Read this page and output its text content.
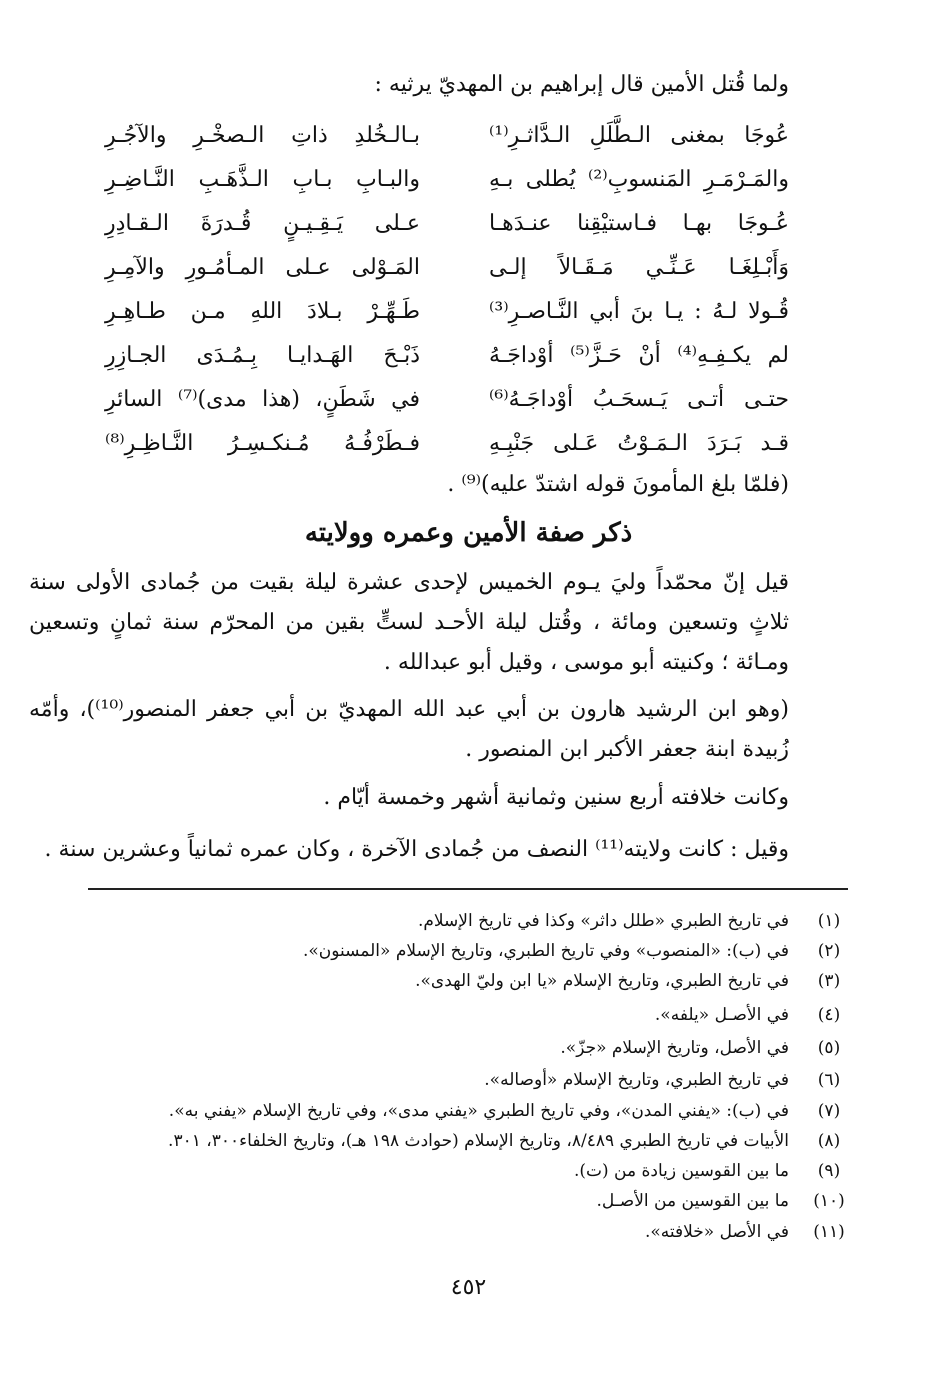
ولما قُتل الأمين قال إبراهيم بن المهديّ يرثيه :
عُوجَا بمغنى الـطَّلَلِ الـدَّاثـرِ⁽¹⁾
بـالـخُلدِ ذاتِ الـصخْـرِ والآجُـرِ
والمَـرْمَـرِ المَنسوبِ⁽²⁾ يُطلى بـهِ
والبـابِ بـابِ الـذَّهَـبِ النَّـاضِـرِ
عُـوجَا بهـا فـاستيْقِنا عنـدَهـا
عـلى يَـقِـيـنٍ قُـدرَةَ الـقـادِرِ
وَأَبْـلِغَـا عَـنِّـي مَـقَـالاً إلـى
المَـوْلى عـلى المـأمُـورِ والآمِـرِ
قُـولا لـهُ : يـا بنَ أبي النَّـاصـرِ⁽³⁾
طَـهِّـرْ بـلادَ اللهِ مـن طـاهِـرِ
لم يكـفِـهِ⁽⁴⁾ أنْ حَـزَّ⁽⁵⁾ أوْداجَـهُ
ذَبْـحَ الهَـدايـا بِـمُـدَى الجـازِرِ
حتـى أتـى يَـسحَـبُ أوْداجَـهُ⁽⁶⁾
في شَطَنٍ، (هذا مدى)⁽⁷⁾ السائرِ
قـد بَـرَدَ الـمَـوْتُ عَـلى جَنْبِـهِ
فـطَرْفُـهُ مُـنكـسِـرُ النَّـاظِـرِ⁽⁸⁾
(فلمّا بلغ المأمونَ قوله اشتدّ عليه)⁽⁹⁾ .
ذكر صفة الأمين وعمره وولايته
قيل إنّ محمّداً وليَ يـوم الخميس لإحدى عشرة ليلة بقيت من جُمادى الأولى سنة ثلاثٍ وتسعين ومائة ، وقُتل ليلة الأحـد لستٍّ بقين من المحرّم سنة ثمانٍ وتسعين ومـائة ؛ وكنيته أبو موسى ، وقيل أبو عبدالله .
(وهو ابن الرشيد هارون بن أبي عبد الله المهديّ بن أبي جعفر المنصور⁽¹⁰⁾)، وأمّه زُبيدة ابنة جعفر الأكبر ابن المنصور .
وكانت خلافته أربع سنين وثمانية أشهر وخمسة أيّام .
وقيل : كانت ولايته⁽¹¹⁾ النصف من جُمادى الآخرة ، وكان عمره ثمانياً وعشرين سنة .
(١)
في تاريخ الطبري «طلل داثر» وكذا في تاريخ الإسلام.
(٢)
في (ب): «المنصوب» وفي تاريخ الطبري، وتاريخ الإسلام «المسنون».
(٣)
في تاريخ الطبري، وتاريخ الإسلام «يا ابن وليّ الهدى».
(٤)
في الأصـل «يلفه».
(٥)
في الأصل، وتاريخ الإسلام «جزّ».
(٦)
في تاريخ الطبري، وتاريخ الإسلام «أوصاله».
(٧)
في (ب): «يفني المدن»، وفي تاريخ الطبري «يفني مدى»، وفي تاريخ الإسلام «يفني به».
(٨)
الأبيات في تاريخ الطبري ٨/٤٨٩، وتاريخ الإسلام (حوادث ١٩٨ هـ)، وتاريخ الخلفاء٣٠٠، ٣٠١.
(٩)
ما بين القوسين زيادة من (ت).
(١٠)
ما بين القوسين من الأصـل.
(١١)
في الأصل «خلافته».
٤٥٢
